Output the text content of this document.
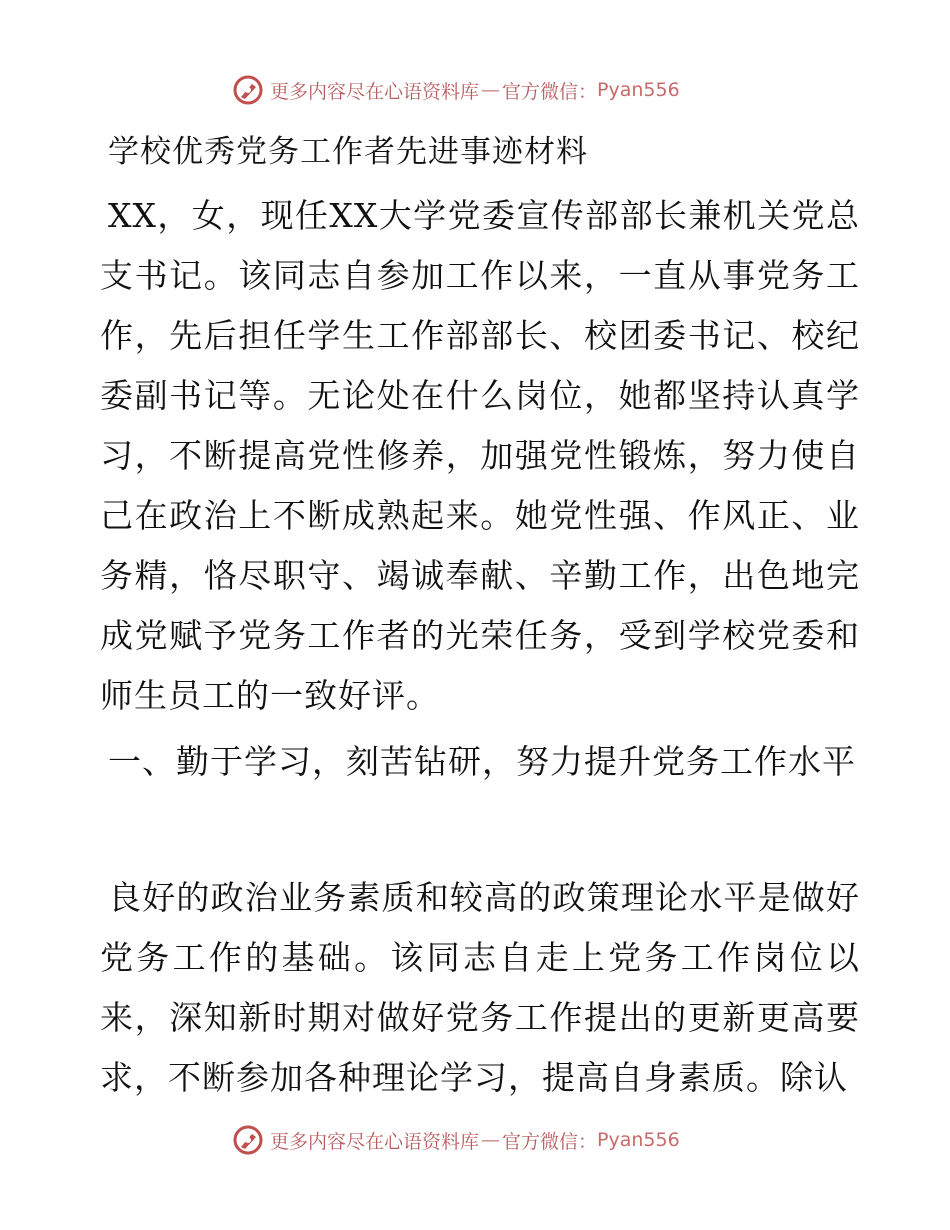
更多内容尽在心语资料库 — 官方微信： Pyan556
学校优秀党务工作者先进事迹材料
XX，女，现任XX大学党委宣传部部长兼机关党总支书记。该同志自参加工作以来，一直从事党务工作，先后担任学生工作部部长、校团委书记、校纪委副书记等。无论处在什么岗位，她都坚持认真学习，不断提高党性修养，加强党性锻炼，努力使自己在政治上不断成熟起来。她党性强、作风正、业务精，恪尽职守、竭诚奉献、辛勤工作，出色地完成党赋予党务工作者的光荣任务，受到学校党委和师生员工的一致好评。
一、勤于学习，刻苦钻研，努力提升党务工作水平
良好的政治业务素质和较高的政策理论水平是做好党务工作的基础。该同志自走上党务工作岗位以来，深知新时期对做好党务工作提出的更新更高要求，不断参加各种理论学习，提高自身素质。除认
更多内容尽在心语资料库 — 官方微信： Pyan556
